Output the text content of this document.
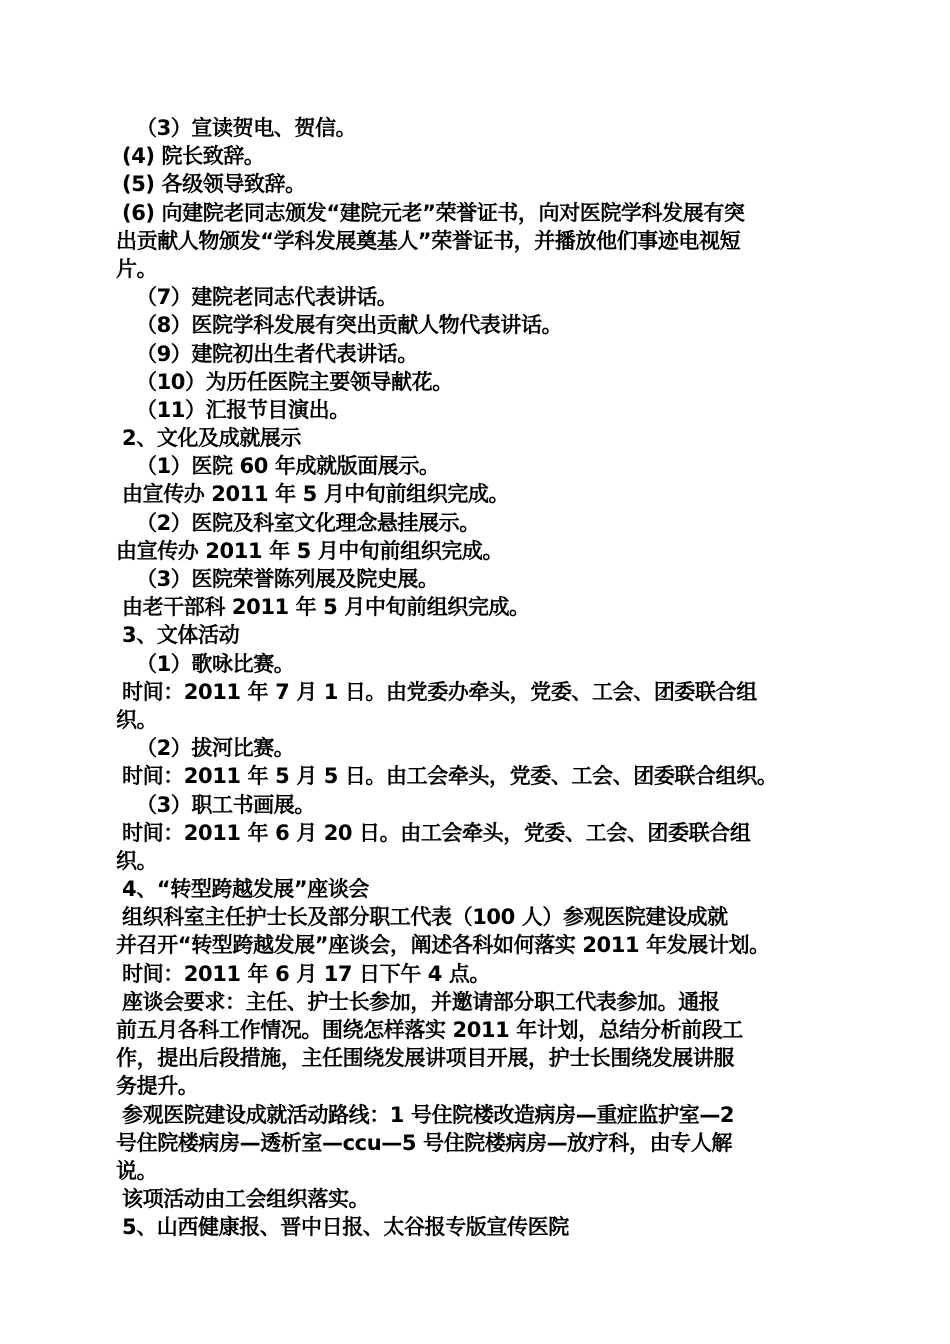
（3）宣读贺电、贺信。
(4) 院长致辞。
(5) 各级领导致辞。
(6) 向建院老同志颁发“建院元老”荣誉证书，向对医院学科发展有突
出贡献人物颁发“学科发展奠基人”荣誉证书，并播放他们事迹电视短
片。
（7）建院老同志代表讲话。
（8）医院学科发展有突出贡献人物代表讲话。
（9）建院初出生者代表讲话。
（10）为历任医院主要领导献花。
（11）汇报节目演出。
2、文化及成就展示
（1）医院 60 年成就版面展示。
由宣传办 2011 年 5 月中旬前组织完成。
（2）医院及科室文化理念悬挂展示。
由宣传办 2011 年 5 月中旬前组织完成。
（3）医院荣誉陈列展及院史展。
由老干部科 2011 年 5 月中旬前组织完成。
3、文体活动
（1）歌咏比赛。
时间：2011 年 7 月 1 日。由党委办牵头，党委、工会、团委联合组
织。
（2）拔河比赛。
时间：2011 年 5 月 5 日。由工会牵头，党委、工会、团委联合组织。
（3）职工书画展。
时间：2011 年 6 月 20 日。由工会牵头，党委、工会、团委联合组
织。
4、“转型跨越发展”座谈会
组织科室主任护士长及部分职工代表（100 人）参观医院建设成就
并召开“转型跨越发展”座谈会，阐述各科如何落实 2011 年发展计划。
时间：2011 年 6 月 17 日下午 4 点。
座谈会要求：主任、护士长参加，并邀请部分职工代表参加。通报
前五月各科工作情况。围绕怎样落实 2011 年计划，总结分析前段工
作，提出后段措施，主任围绕发展讲项目开展，护士长围绕发展讲服
务提升。
参观医院建设成就活动路线：1 号住院楼改造病房—重症监护室—2
号住院楼病房—透析室—ccu—5 号住院楼病房—放疗科，由专人解
说。
该项活动由工会组织落实。
5、山西健康报、晋中日报、太谷报专版宣传医院
